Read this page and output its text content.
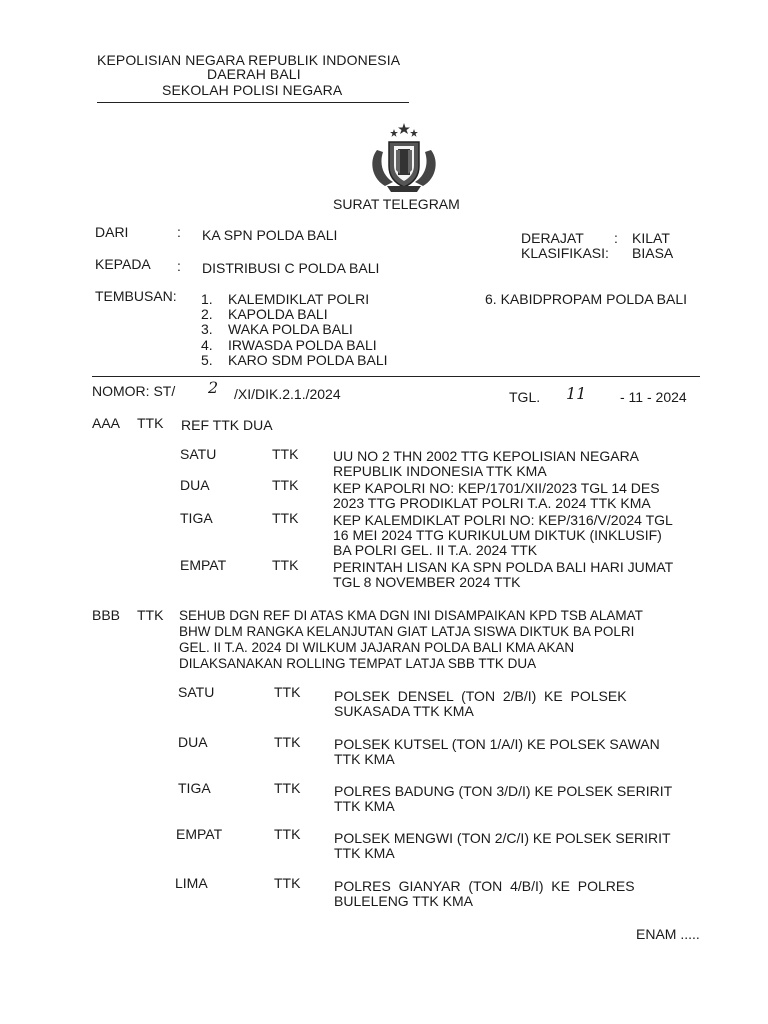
KEPOLISIAN NEGARA REPUBLIK INDONESIA
DAERAH BALI
SEKOLAH POLISI NEGARA
SURAT TELEGRAM
DARI	: KA SPN POLDA BALI
KEPADA : DISTRIBUSI C POLDA BALI
DERAJAT : KILAT
KLASIFIKASI: BIASA
TEMBUSAN: 1. KALEMDIKLAT POLRI
2. KAPOLDA BALI
3. WAKA POLDA BALI
4. IRWASDA POLDA BALI
5. KARO SDM POLDA BALI
6. KABIDPROPAM POLDA BALI
NOMOR: ST/ 2 /XI/DIK.2.1./2024	TGL. 11 - 11 - 2024
AAA TTK REF TTK DUA
SATU	TTK UU NO 2 THN 2002 TTG KEPOLISIAN NEGARA
REPUBLIK INDONESIA TTK KMA
DUA	TTK KEP KAPOLRI NO: KEP/1701/XII/2023 TGL 14 DES
2023 TTG PRODIKLAT POLRI T.A. 2024 TTK KMA
TIGA	TTK KEP KALEMDIKLAT POLRI NO: KEP/316/V/2024 TGL
16 MEI 2024 TTG KURIKULUM DIKTUK (INKLUSIF)
BA POLRI GEL. II T.A. 2024 TTK
EMPAT	TTK PERINTAH LISAN KA SPN POLDA BALI HARI JUMAT
TGL 8 NOVEMBER 2024 TTK
BBB TTK SEHUB DGN REF DI ATAS KMA DGN INI DISAMPAIKAN KPD TSB ALAMAT
BHW DLM RANGKA KELANJUTAN GIAT LATJA SISWA DIKTUK BA POLRI
GEL. II T.A. 2024 DI WILKUM JAJARAN POLDA BALI KMA AKAN
DILAKSANAKAN ROLLING TEMPAT LATJA SBB TTK DUA
SATU	TTK POLSEK  DENSEL  (TON  2/B/I)  KE  POLSEK
SUKASADA TTK KMA
DUA	TTK POLSEK KUTSEL (TON 1/A/I) KE POLSEK SAWAN
TTK KMA
TIGA	TTK POLRES BADUNG (TON 3/D/I) KE POLSEK SERIRIT
TTK KMA
EMPAT	TTK POLSEK MENGWI (TON 2/C/I) KE POLSEK SERIRIT
TTK KMA
LIMA	TTK POLRES  GIANYAR  (TON  4/B/I)  KE  POLRES
BULELENG TTK KMA
ENAM .....
